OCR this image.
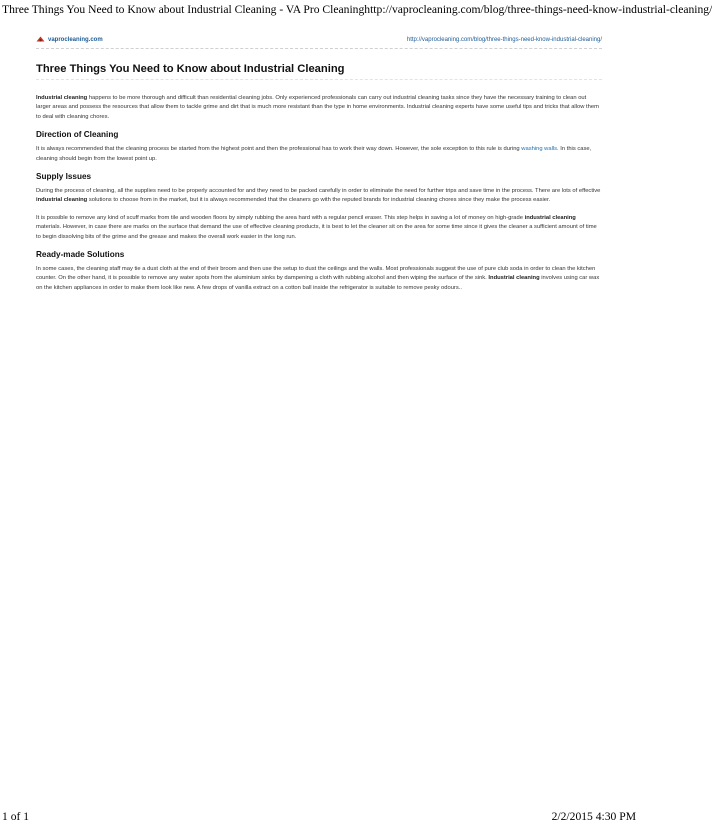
Three Things You Need to Know about Industrial Cleaning - VA Pro Cleaning http://vaprocleaning.com/blog/three-things-need-know-industrial-cleaning/
vaprocleaning.com	http://vaprocleaning.com/blog/three-things-need-know-industrial-cleaning/
Three Things You Need to Know about Industrial Cleaning

Industrial cleaning happens to be more thorough and difficult than residential cleaning jobs. Only experienced professionals can carry out industrial cleaning tasks since they have the necessary training to clean out larger areas and possess the resources that allow them to tackle grime and dirt that is much more resistant than the type in home environments. Industrial cleaning experts have some useful tips and tricks that allow them to deal with cleaning chores.

Direction of Cleaning

It is always recommended that the cleaning process be started from the highest point and then the professional has to work their way down. However, the sole exception to this rule is during washing walls. In this case, cleaning should begin from the lowest point up.

Supply Issues

During the process of cleaning, all the supplies need to be properly accounted for and they need to be packed carefully in order to eliminate the need for further trips and save time in the process. There are lots of effective industrial cleaning solutions to choose from in the market, but it is always recommended that the cleaners go with the reputed brands for industrial cleaning chores since they make the process easier.

It is possible to remove any kind of scuff marks from tile and wooden floors by simply rubbing the area hard with a regular pencil eraser. This step helps in saving a lot of money on high-grade industrial cleaning materials. However, in case there are marks on the surface that demand the use of effective cleaning products, it is best to let the cleaner sit on the area for some time since it gives the cleaner a sufficient amount of time to begin dissolving bits of the grime and the grease and makes the overall work easier in the long run.

Ready-made Solutions

In some cases, the cleaning staff may tie a dust cloth at the end of their broom and then use the setup to dust the ceilings and the walls. Most professionals suggest the use of pure club soda in order to clean the kitchen counter. On the other hand, it is possible to remove any water spots from the aluminium sinks by dampening a cloth with rubbing alcohol and then wiping the surface of the sink. Industrial cleaning involves using car wax on the kitchen appliances in order to make them look like new. A few drops of vanilla extract on a cotton ball inside the refrigerator is suitable to remove pesky odours..

1 of 1	2/2/2015 4:30 PM
